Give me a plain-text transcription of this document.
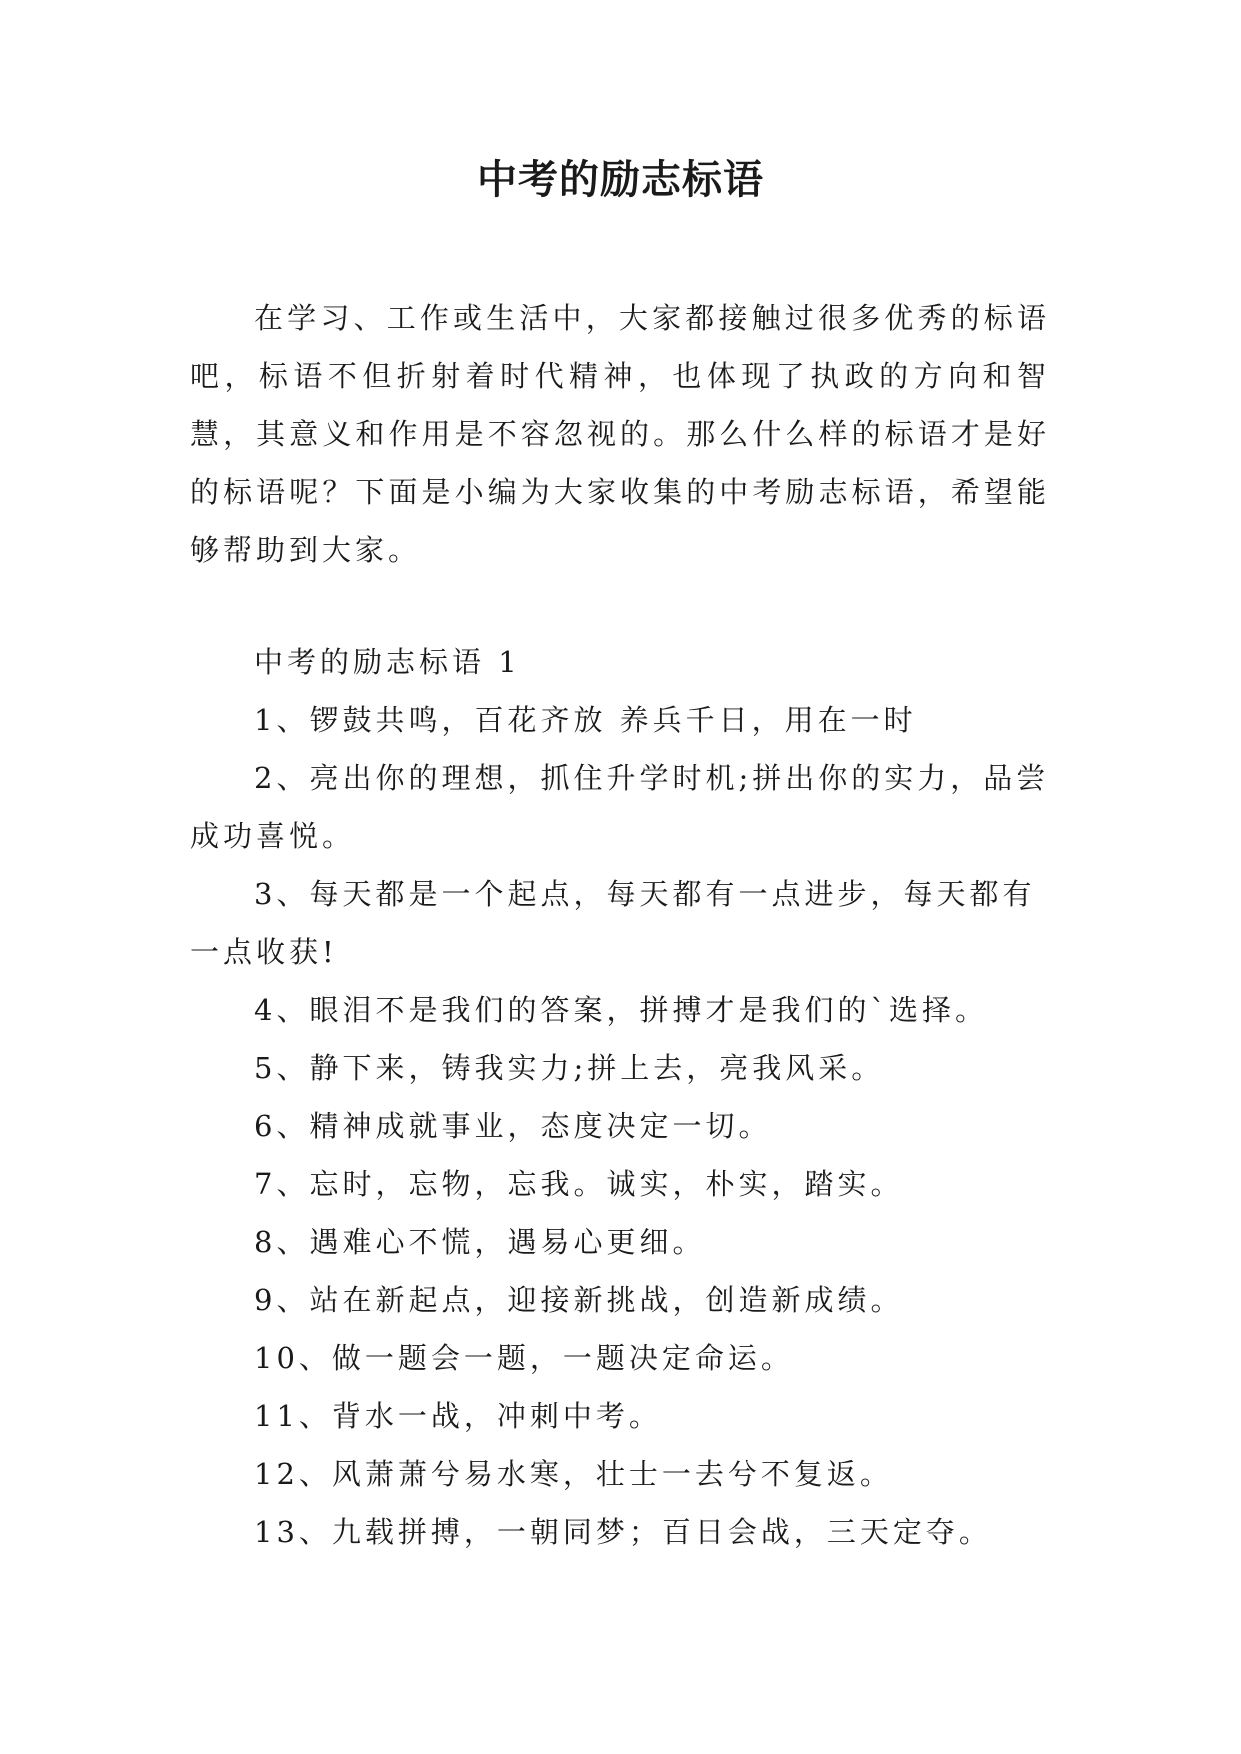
中考的励志标语

在学习、工作或生活中，大家都接触过很多优秀的标语吧，标语不但折射着时代精神，也体现了执政的方向和智慧，其意义和作用是不容忽视的。那么什么样的标语才是好的标语呢？下面是小编为大家收集的中考励志标语，希望能够帮助到大家。

中考的励志标语 1

1、锣鼓共鸣，百花齐放 养兵千日，用在一时

2、亮出你的理想，抓住升学时机;拼出你的实力，品尝成功喜悦。

3、每天都是一个起点，每天都有一点进步，每天都有一点收获!

4、眼泪不是我们的答案，拼搏才是我们的`选择。

5、静下来，铸我实力;拼上去，亮我风采。

6、精神成就事业，态度决定一切。

7、忘时，忘物，忘我。诚实，朴实，踏实。

8、遇难心不慌，遇易心更细。

9、站在新起点，迎接新挑战，创造新成绩。

10、做一题会一题，一题决定命运。

11、背水一战，冲刺中考。

12、风萧萧兮易水寒，壮士一去兮不复返。

13、九载拼搏，一朝同梦；百日会战，三天定夺。
